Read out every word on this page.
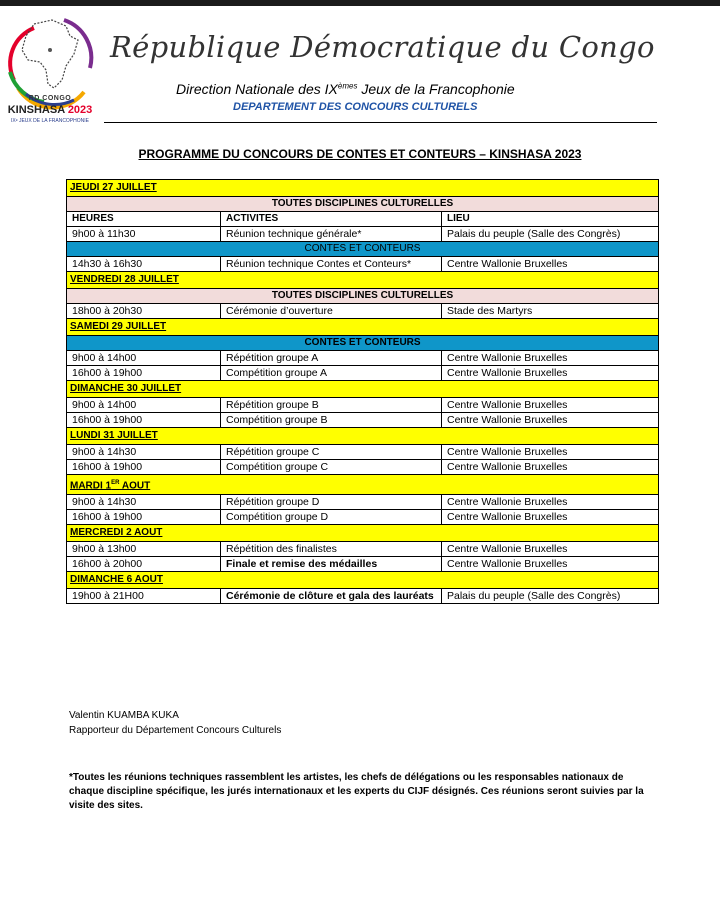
RD CONGO
KINSHASA 2023
IXᵉ JEUX DE LA FRANCOPHONIE
République Démocratique du Congo
Direction Nationale des IXèmes Jeux de la Francophonie
DEPARTEMENT DES CONCOURS CULTURELS
PROGRAMME DU CONCOURS DE CONTES ET CONTEURS – KINSHASA 2023
JEUDI 27 JUILLET		
TOUTES DISCIPLINES CULTURELLES		
HEURES	ACTIVITES	LIEU
9h00 à 11h30	Réunion technique générale*	Palais du peuple (Salle des Congrès)
CONTES ET CONTEURS		
14h30 à 16h30	Réunion technique Contes et Conteurs*	Centre Wallonie Bruxelles
VENDREDI 28 JUILLET		
TOUTES DISCIPLINES CULTURELLES		
18h00 à 20h30	Cérémonie d’ouverture	Stade des Martyrs
SAMEDI 29 JUILLET		
CONTES ET CONTEURS		
9h00 à 14h00	Répétition groupe A	Centre Wallonie Bruxelles
16h00 à 19h00	Compétition groupe A	Centre Wallonie Bruxelles
DIMANCHE 30 JUILLET		
9h00 à 14h00	Répétition groupe B	Centre Wallonie Bruxelles
16h00 à 19h00	Compétition groupe B	Centre Wallonie Bruxelles
LUNDI 31 JUILLET		
9h00 à 14h30	Répétition groupe C	Centre Wallonie Bruxelles
16h00 à 19h00	Compétition groupe C	Centre Wallonie Bruxelles
MARDI 1ER AOUT		
9h00 à 14h30	Répétition groupe D	Centre Wallonie Bruxelles
16h00 à 19h00	Compétition groupe D	Centre Wallonie Bruxelles
MERCREDI 2 AOUT		
9h00 à 13h00	Répétition des finalistes	Centre Wallonie Bruxelles
16h00 à 20h00	Finale et remise des médailles	Centre Wallonie Bruxelles
DIMANCHE 6 AOUT		
19h00 à 21H00	Cérémonie de clôture et gala des lauréats	Palais du peuple (Salle des Congrès)
Valentin KUAMBA KUKA
Rapporteur du Département Concours Culturels
*Toutes les réunions techniques rassemblent les artistes, les chefs de délégations ou les responsables nationaux de chaque discipline spécifique, les jurés internationaux et les experts du CIJF désignés. Ces réunions seront suivies par la visite des sites.
